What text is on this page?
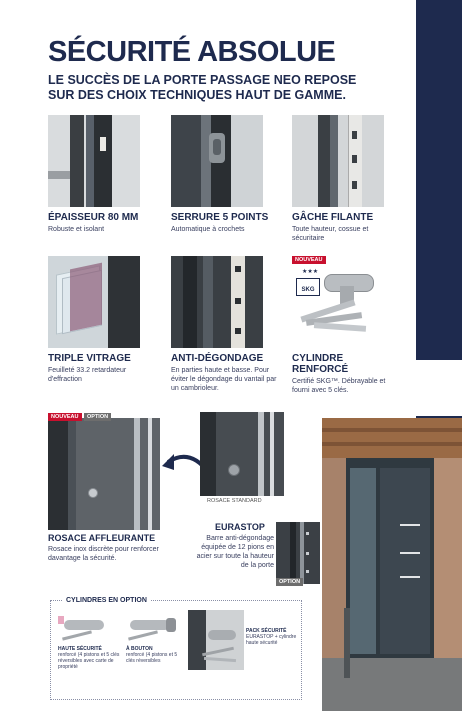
SÉCURITÉ ABSOLUE

LE SUCCÈS DE LA PORTE PASSAGE NEO REPOSE SUR DES CHOIX TECHNIQUES HAUT DE GAMME.

ÉPAISSEUR 80 MM
Robuste et isolant
SERRURE 5 POINTS
Automatique à crochets
GÂCHE FILANTE
Toute hauteur, cossue et sécuritaire
TRIPLE VITRAGE
Feuilleté 33.2 retardateur d'effraction
ANTI-DÉGONDAGE
En parties haute et basse. Pour éviter le dégondage du vantail par un cambrioleur.
SKG
★★★
NOUVEAU
CYLINDRE RENFORCÉ
Certifié SKG™. Débrayable et fourni avec 5 clés.
NOUVEAU	OPTION
ROSACE AFFLEURANTE
Rosace inox discrète pour renforcer davantage la sécurité.
ROSACE STANDARD
EURASTOP
Barre anti-dégondage équipée de 12 pions en acier sur toute la hauteur de la porte
OPTION
CYLINDRES EN OPTION
HAUTE SÉCURITÉ
renforcé (4 pistons et 5 clés réversibles avec carte de propriété
À BOUTON
renforcé (4 pistons et 5 clés réversibles
PACK SÉCURITÉ
EURASTOP + cylindre haute sécurité
